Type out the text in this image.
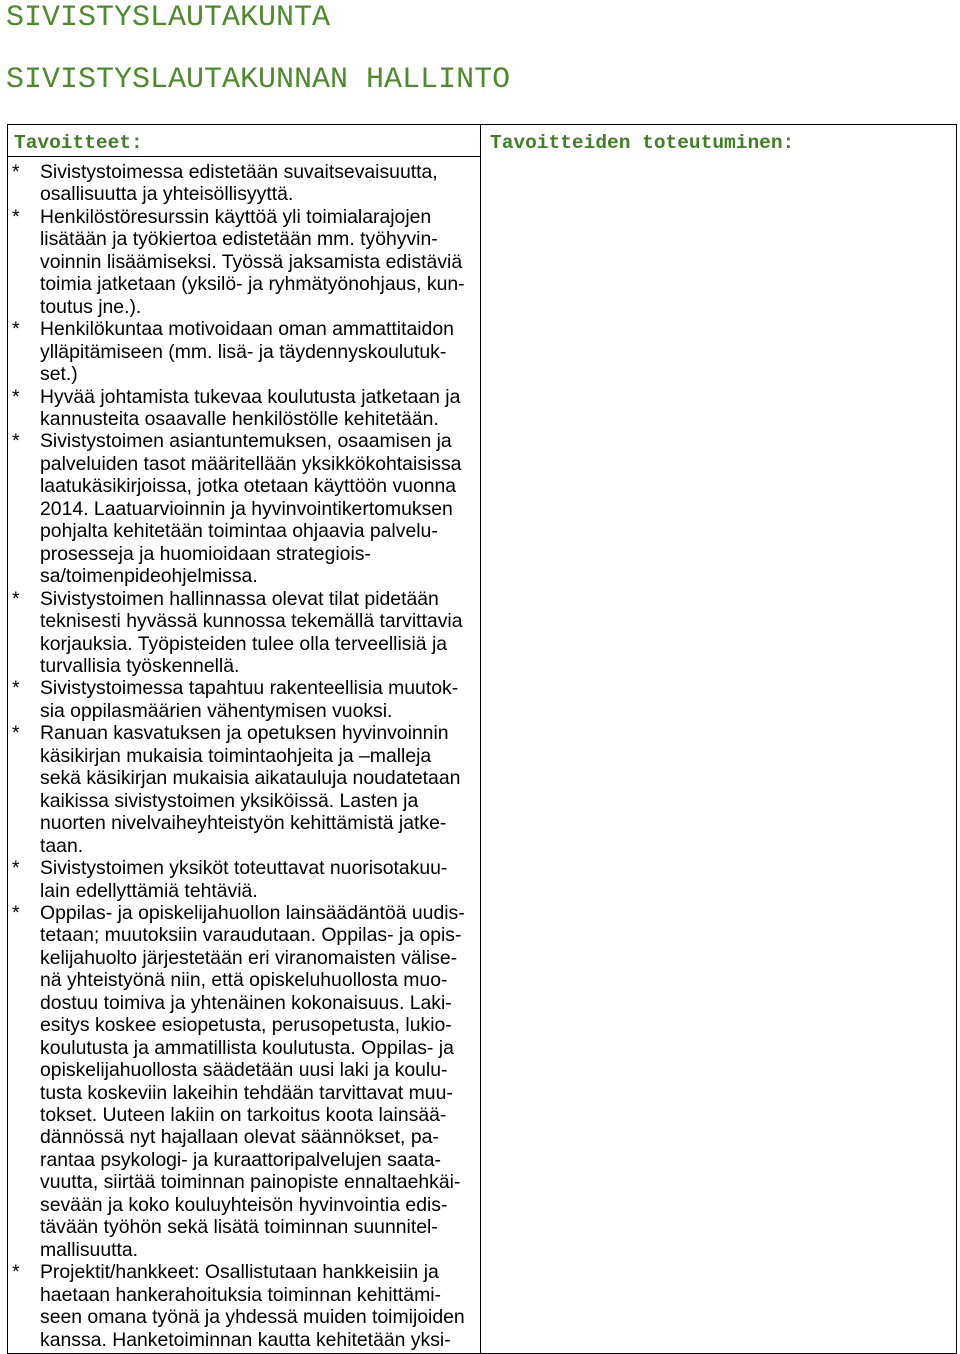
SIVISTYSLAUTAKUNTA
SIVISTYSLAUTAKUNNAN HALLINTO
Tavoitteet:	Tavoitteiden toteutuminen:
* Sivistystoimessa edistetään suvaitsevaisuutta,
osallisuutta ja yhteisöllisyyttä.
* Henkilöstöresurssin käyttöä yli toimialarajojen
lisätään ja työkiertoa edistetään mm. työhyvin-
voinnin lisäämiseksi. Työssä jaksamista edistäviä
toimia jatketaan (yksilö- ja ryhmätyönohjaus, kun-
toutus jne.).
* Henkilökuntaa motivoidaan oman ammattitaidon
ylläpitämiseen (mm. lisä- ja täydennyskoulutuk-
set.)
* Hyvää johtamista tukevaa koulutusta jatketaan ja
kannusteita osaavalle henkilöstölle kehitetään.
* Sivistystoimen asiantuntemuksen, osaamisen ja
palveluiden tasot määritellään yksikkökohtaisissa
laatukäsikirjoissa, jotka otetaan käyttöön vuonna
2014. Laatuarvioinnin ja hyvinvointikertomuksen
pohjalta kehitetään toimintaa ohjaavia palvelu-
prosesseja ja huomioidaan strategiois-
sa/toimenpideohjelmissa.
* Sivistystoimen hallinnassa olevat tilat pidetään
teknisesti hyvässä kunnossa tekemällä tarvittavia
korjauksia. Työpisteiden tulee olla terveellisiä ja
turvallisia työskennellä.
* Sivistystoimessa tapahtuu rakenteellisia muutok-
sia oppilasmäärien vähentymisen vuoksi.
* Ranuan kasvatuksen ja opetuksen hyvinvoinnin
käsikirjan mukaisia toimintaohjeita ja –malleja
sekä käsikirjan mukaisia aikatauluja noudatetaan
kaikissa sivistystoimen yksiköissä. Lasten ja
nuorten nivelvaiheyhteistyön kehittämistä jatke-
taan.
* Sivistystoimen yksiköt toteuttavat nuorisotakuu-
lain edellyttämiä tehtäviä.
* Oppilas- ja opiskelijahuollon lainsäädäntöä uudis-
tetaan; muutoksiin varaudutaan. Oppilas- ja opis-
kelijahuolto järjestetään eri viranomaisten välise-
nä yhteistyönä niin, että opiskeluhuollosta muo-
dostuu toimiva ja yhtenäinen kokonaisuus. Laki-
esitys koskee esiopetusta, perusopetusta, lukio-
koulutusta ja ammatillista koulutusta. Oppilas- ja
opiskelijahuollosta säädetään uusi laki ja koulu-
tusta koskeviin lakeihin tehdään tarvittavat muu-
tokset. Uuteen lakiin on tarkoitus koota lainsää-
dännössä nyt hajallaan olevat säännökset, pa-
rantaa psykologi- ja kuraattoripalvelujen saata-
vuutta, siirtää toiminnan painopiste ennaltaehkäi-
sevään ja koko kouluyhteisön hyvinvointia edis-
tävään työhön sekä lisätä toiminnan suunnitel-
mallisuutta.
* Projektit/hankkeet: Osallistutaan hankkeisiin ja
haetaan hankerahoituksia toiminnan kehittämi-
seen omana työnä ja yhdessä muiden toimijoiden
kanssa. Hanketoiminnan kautta kehitetään yksi-
